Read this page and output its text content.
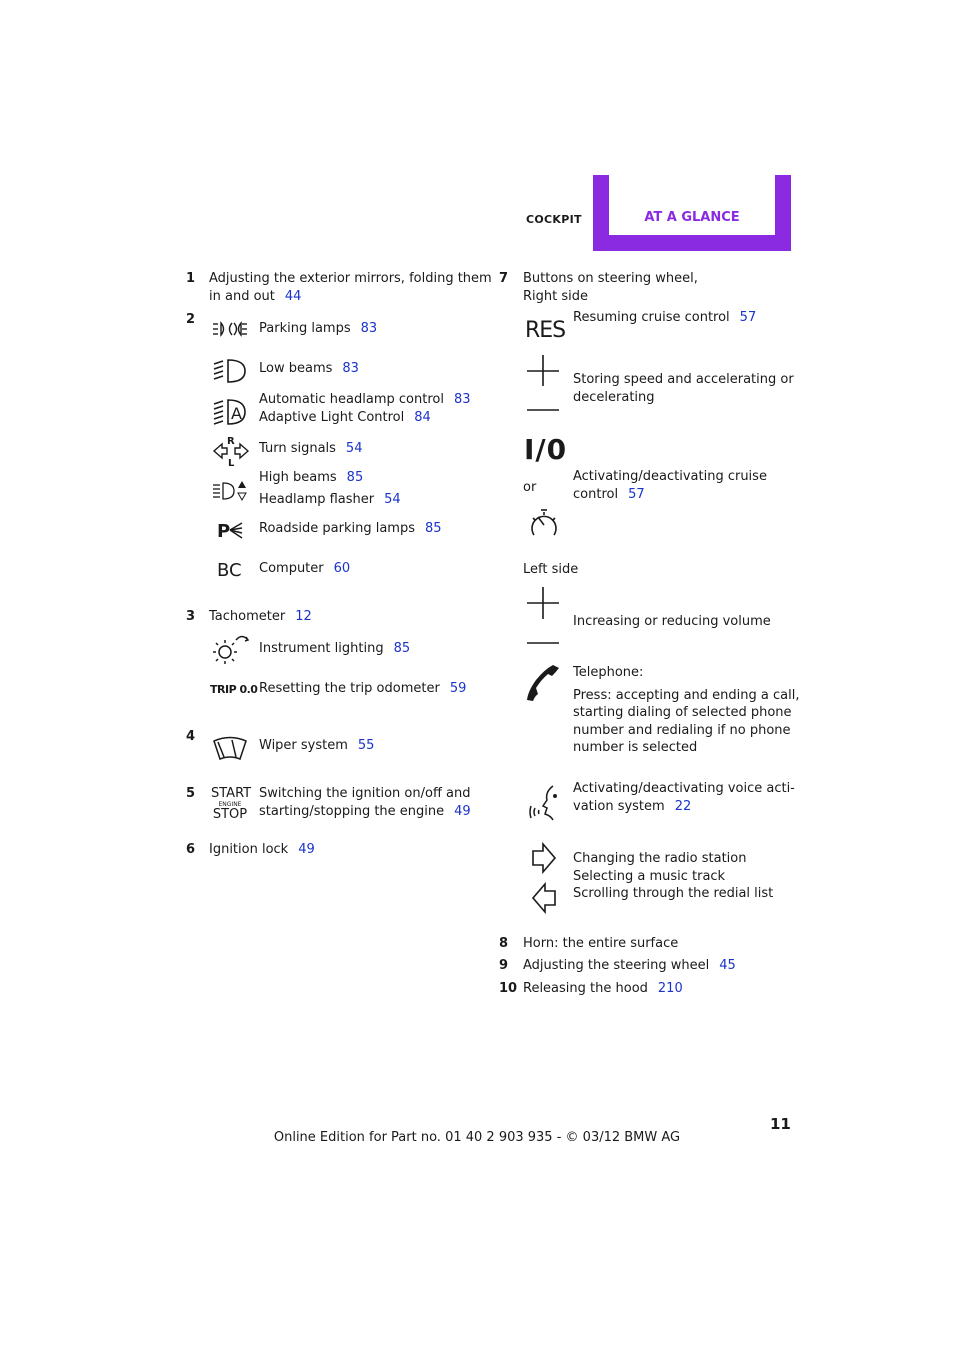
COCKPIT	AT A GLANCE
1 Adjusting the exterior mirrors, folding them
in and out 44
2
Parking lamps 83
Low beams 83
A
Automatic headlamp control 83
Adaptive Light Control 84
R
L
Turn signals 54
High beams 85
Headlamp flasher 54
P Roadside parking lamps 85
BC Computer 60
3 Tachometer 12
Instrument lighting 85
TRIP 0.0 Resetting the trip odometer 59
4
Wiper system 55
5 START
ENGINE
STOP
Switching the ignition on/off and
starting/stopping the engine 49
6 Ignition lock 49
7 Buttons on steering wheel,
Right side
RES
Resuming cruise control 57
Storing speed and accelerating or
decelerating
I/0
or
Activating/deactivating cruise
control 57
Left side
Increasing or reducing volume
Telephone:
Press: accepting and ending a call,
starting dialing of selected phone
number and redialing if no phone
number is selected
Activating/deactivating voice acti-
vation system 22
Changing the radio station
Selecting a music track
Scrolling through the redial list
8 Horn: the entire surface
9 Adjusting the steering wheel 45
10 Releasing the hood 210
11
Online Edition for Part no. 01 40 2 903 935 - © 03/12 BMW AG
